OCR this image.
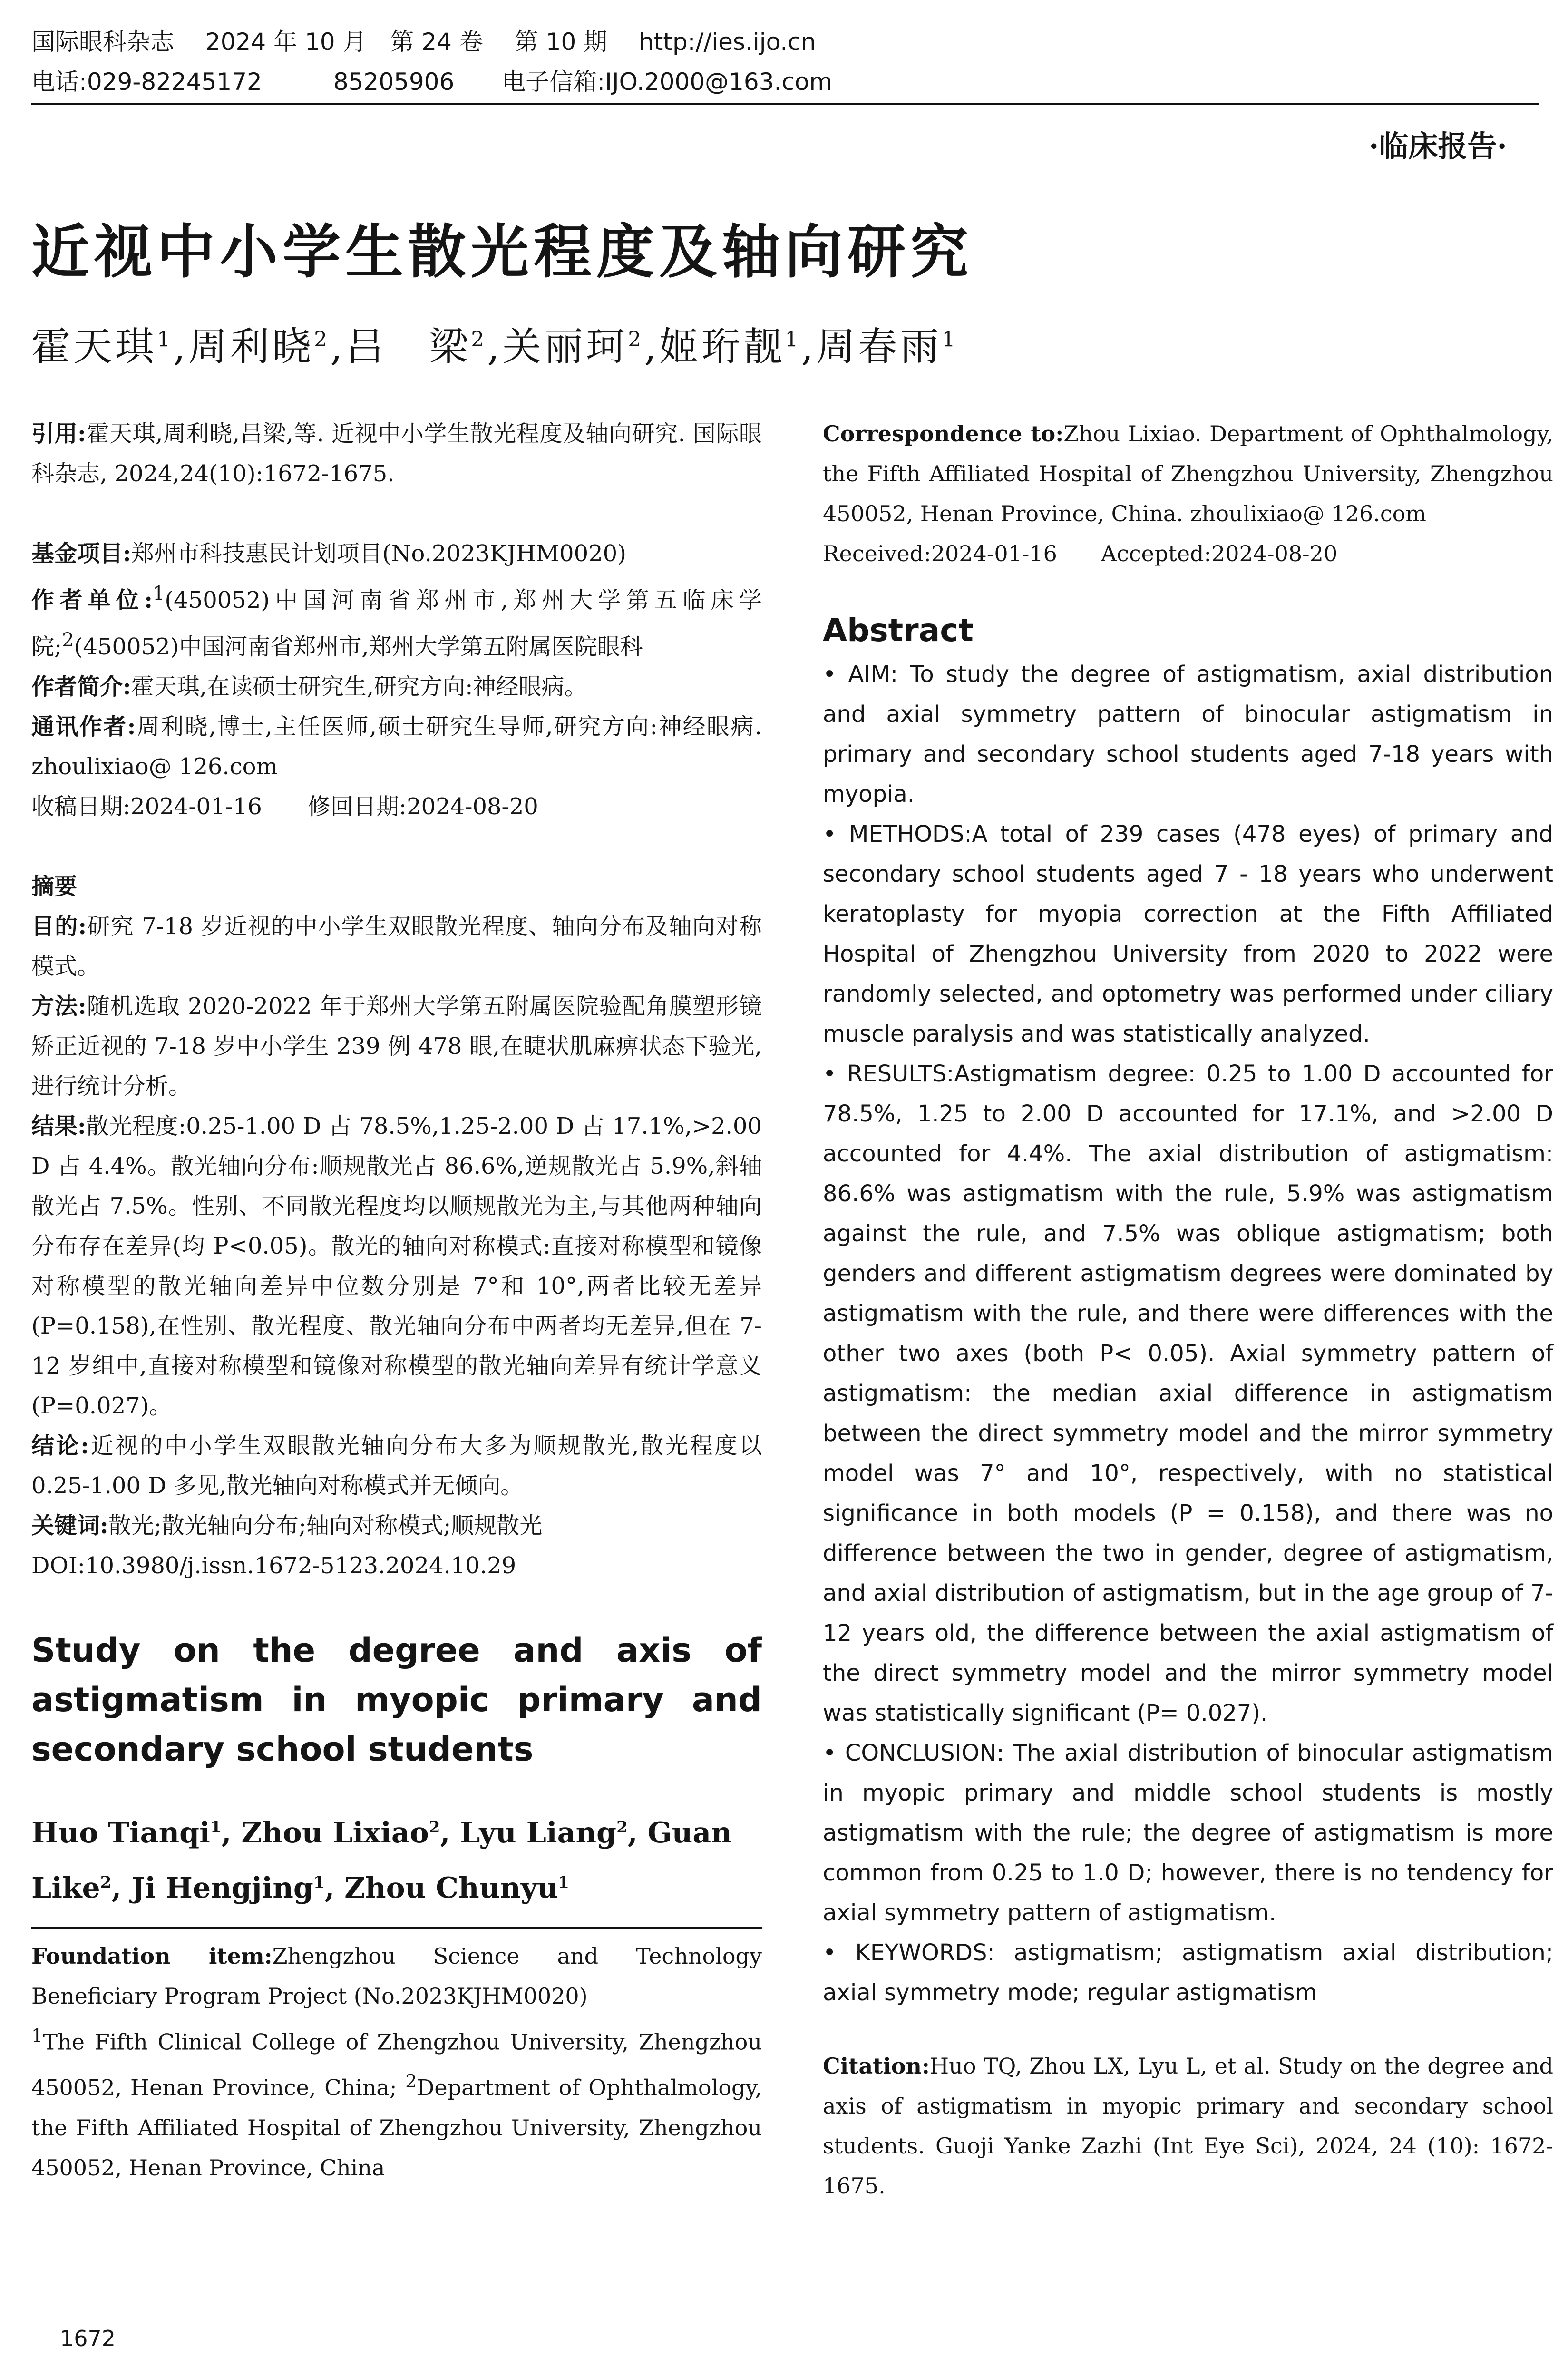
国际眼科杂志　 2024 年 10 月　第 24 卷　 第 10 期　 http://ies.ijo.cn
电话:029-82245172　　　85205906　　电子信箱:IJO.2000@163.com
·临床报告·
近视中小学生散光程度及轴向研究
霍天琪$^1$,周利晓$^2$,吕　梁$^2$,关丽珂$^2$,姬珩靓$^1$,周春雨$^1$

引用:霍天琪,周利晓,吕梁,等. 近视中小学生散光程度及轴向研究. 国际眼科杂志, 2024,24(10):1672-1675.

基金项目:郑州市科技惠民计划项目(No.2023KJHM0020)

作者单位:$^1$(450052)中国河南省郑州市,郑州大学第五临床学院;$^2$(450052)中国河南省郑州市,郑州大学第五附属医院眼科

作者简介:霍天琪,在读硕士研究生,研究方向:神经眼病。

通讯作者:周利晓,博士,主任医师,硕士研究生导师,研究方向:神经眼病. zhoulixiao@ 126.com

收稿日期:2024-01-16　　修回日期:2024-08-20

摘要

目的:研究 7-18 岁近视的中小学生双眼散光程度、轴向分布及轴向对称模式。

方法:随机选取 2020-2022 年于郑州大学第五附属医院验配角膜塑形镜矫正近视的 7-18 岁中小学生 239 例 478 眼,在睫状肌麻痹状态下验光,进行统计分析。

结果:散光程度:0.25-1.00 D 占 78.5%,1.25-2.00 D 占 17.1%,>2.00 D 占 4.4%。散光轴向分布:顺规散光占 86.6%,逆规散光占 5.9%,斜轴散光占 7.5%。性别、不同散光程度均以顺规散光为主,与其他两种轴向分布存在差异(均 P<0.05)。散光的轴向对称模式:直接对称模型和镜像对称模型的散光轴向差异中位数分别是 7°和 10°,两者比较无差异(P=0.158),在性别、散光程度、散光轴向分布中两者均无差异,但在 7-12 岁组中,直接对称模型和镜像对称模型的散光轴向差异有统计学意义(P=0.027)。

结论:近视的中小学生双眼散光轴向分布大多为顺规散光,散光程度以 0.25-1.00 D 多见,散光轴向对称模式并无倾向。

关键词:散光;散光轴向分布;轴向对称模式;顺规散光

DOI:10.3980/j.issn.1672-5123.2024.10.29

Study on the degree and axis of astigmatism in myopic primary and secondary school students

Huo Tianqi$^1$, Zhou Lixiao$^2$, Lyu Liang$^2$, Guan Like$^2$, Ji Hengjing$^1$, Zhou Chunyu$^1$

Foundation item:Zhengzhou Science and Technology Beneficiary Program Project (No.2023KJHM0020)

$^1$The Fifth Clinical College of Zhengzhou University, Zhengzhou 450052, Henan Province, China; $^2$Department of Ophthalmology, the Fifth Affiliated Hospital of Zhengzhou University, Zhengzhou 450052, Henan Province, China

Correspondence to:Zhou Lixiao. Department of Ophthalmology, the Fifth Affiliated Hospital of Zhengzhou University, Zhengzhou 450052, Henan Province, China. zhoulixiao@ 126.com

Received:2024-01-16　　Accepted:2024-08-20

Abstract

• AIM: To study the degree of astigmatism, axial distribution and axial symmetry pattern of binocular astigmatism in primary and secondary school students aged 7-18 years with myopia.

• METHODS:A total of 239 cases (478 eyes) of primary and secondary school students aged 7 - 18 years who underwent keratoplasty for myopia correction at the Fifth Affiliated Hospital of Zhengzhou University from 2020 to 2022 were randomly selected, and optometry was performed under ciliary muscle paralysis and was statistically analyzed.

• RESULTS:Astigmatism degree: 0.25 to 1.00 D accounted for 78.5%, 1.25 to 2.00 D accounted for 17.1%, and >2.00 D accounted for 4.4%. The axial distribution of astigmatism: 86.6% was astigmatism with the rule, 5.9% was astigmatism against the rule, and 7.5% was oblique astigmatism; both genders and different astigmatism degrees were dominated by astigmatism with the rule, and there were differences with the other two axes (both P< 0.05). Axial symmetry pattern of astigmatism: the median axial difference in astigmatism between the direct symmetry model and the mirror symmetry model was 7° and 10°, respectively, with no statistical significance in both models (P = 0.158), and there was no difference between the two in gender, degree of astigmatism, and axial distribution of astigmatism, but in the age group of 7-12 years old, the difference between the axial astigmatism of the direct symmetry model and the mirror symmetry model was statistically significant (P= 0.027).

• CONCLUSION: The axial distribution of binocular astigmatism in myopic primary and middle school students is mostly astigmatism with the rule; the degree of astigmatism is more common from 0.25 to 1.0 D; however, there is no tendency for axial symmetry pattern of astigmatism.

• KEYWORDS: astigmatism; astigmatism axial distribution; axial symmetry mode; regular astigmatism

Citation:Huo TQ, Zhou LX, Lyu L, et al. Study on the degree and axis of astigmatism in myopic primary and secondary school students. Guoji Yanke Zazhi (Int Eye Sci), 2024, 24 (10): 1672-1675.

1672
